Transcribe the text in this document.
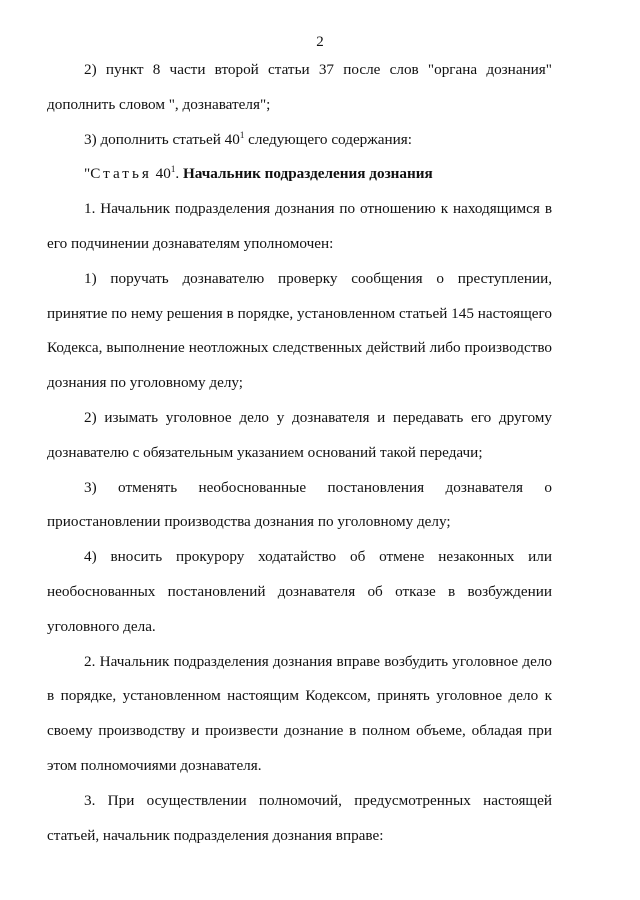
2

2) пункт 8 части второй статьи 37 после слов "органа дознания" дополнить словом ", дознавателя";

3) дополнить статьей $40^1$ следующего содержания:

"Статья $40^1$. Начальник подразделения дознания

1. Начальник подразделения дознания по отношению к находящимся в его подчинении дознавателям уполномочен:

1) поручать дознавателю проверку сообщения о преступлении, принятие по нему решения в порядке, установленном статьей 145 настоящего Кодекса, выполнение неотложных следственных действий либо производство дознания по уголовному делу;

2) изымать уголовное дело у дознавателя и передавать его другому дознавателю с обязательным указанием оснований такой передачи;

3) отменять необоснованные постановления дознавателя о приостановлении производства дознания по уголовному делу;

4) вносить прокурору ходатайство об отмене незаконных или необоснованных постановлений дознавателя об отказе в возбуждении уголовного дела.

2. Начальник подразделения дознания вправе возбудить уголовное дело в порядке, установленном настоящим Кодексом, принять уголовное дело к своему производству и произвести дознание в полном объеме, обладая при этом полномочиями дознавателя.

3. При осуществлении полномочий, предусмотренных настоящей статьей, начальник подразделения дознания вправе:
